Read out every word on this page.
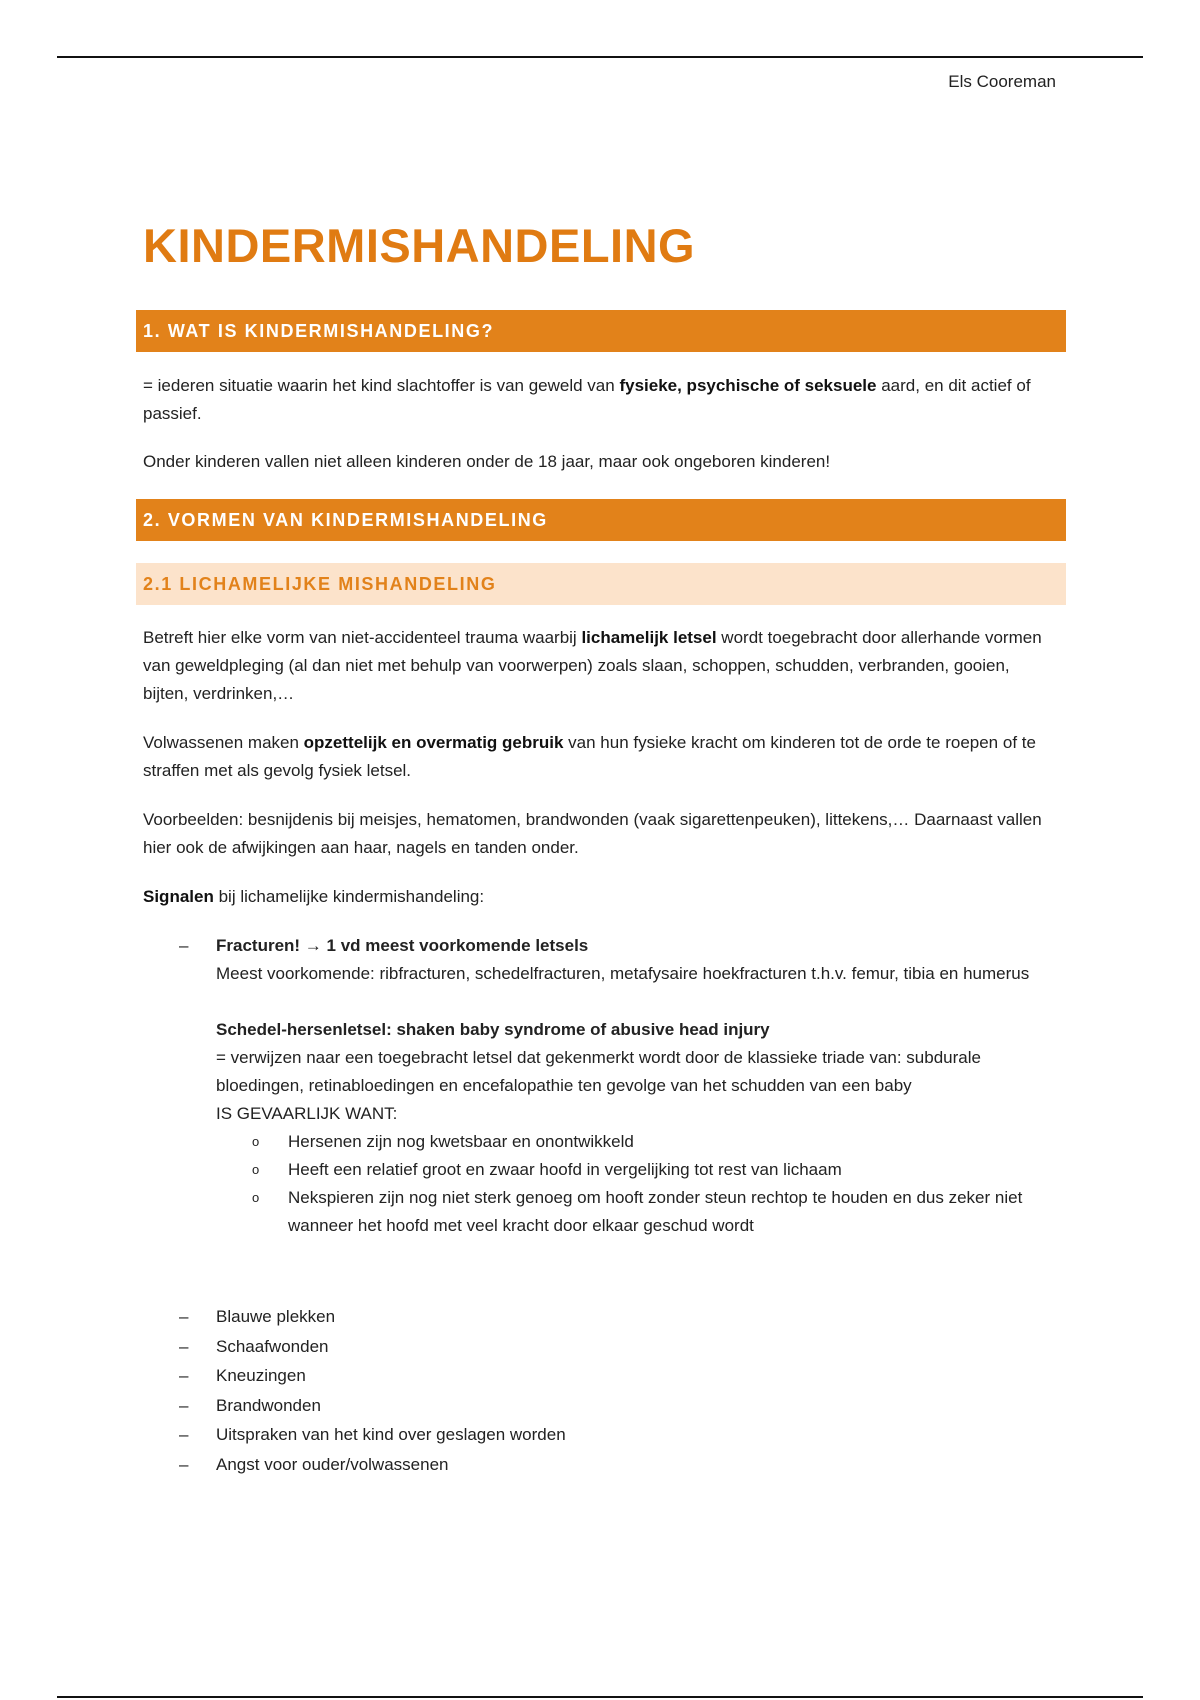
Els Cooreman
KINDERMISHANDELING
1. WAT IS KINDERMISHANDELING?

= iederen situatie waarin het kind slachtoffer is van geweld van fysieke, psychische of seksuele aard, en dit actief of passief.

Onder kinderen vallen niet alleen kinderen onder de 18 jaar, maar ook ongeboren kinderen!

2. VORMEN VAN KINDERMISHANDELING
2.1 LICHAMELIJKE MISHANDELING

Betreft hier elke vorm van niet-accidenteel trauma waarbij lichamelijk letsel wordt toegebracht door allerhande vormen van geweldpleging (al dan niet met behulp van voorwerpen) zoals slaan, schoppen, schudden, verbranden, gooien, bijten, verdrinken,…

Volwassenen maken opzettelijk en overmatig gebruik van hun fysieke kracht om kinderen tot de orde te roepen of te straffen met als gevolg fysiek letsel.

Voorbeelden: besnijdenis bij meisjes, hematomen, brandwonden (vaak sigarettenpeuken), littekens,… Daarnaast vallen hier ook de afwijkingen aan haar, nagels en tanden onder.

Signalen bij lichamelijke kindermishandeling:

– Fracturen! → 1 vd meest voorkomende letsels
Meest voorkomende: ribfracturen, schedelfracturen, metafysaire hoekfracturen t.h.v. femur, tibia en humerus
Schedel-hersenletsel: shaken baby syndrome of abusive head injury
= verwijzen naar een toegebracht letsel dat gekenmerkt wordt door de klassieke triade van: subdurale bloedingen, retinabloedingen en encefalopathie ten gevolge van het schudden van een baby
IS GEVAARLIJK WANT:
o Hersenen zijn nog kwetsbaar en onontwikkeld
o Heeft een relatief groot en zwaar hoofd in vergelijking tot rest van lichaam
o Nekspieren zijn nog niet sterk genoeg om hooft zonder steun rechtop te houden en dus zeker niet wanneer het hoofd met veel kracht door elkaar geschud wordt
– Blauwe plekken
– Schaafwonden
– Kneuzingen
– Brandwonden
– Uitspraken van het kind over geslagen worden
– Angst voor ouder/volwassenen
